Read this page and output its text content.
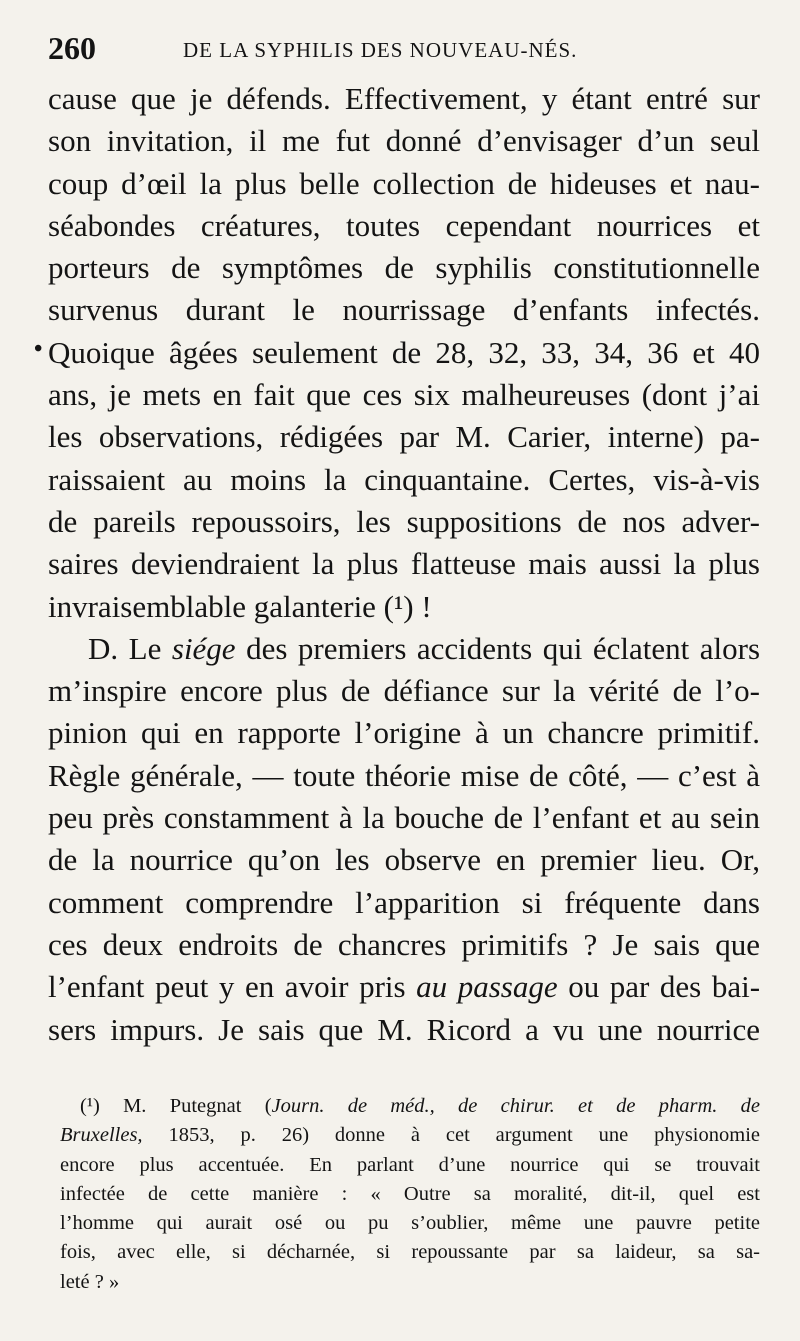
260	DE LA SYPHILIS DES NOUVEAU-NÉS.
•
cause que je défends. Effectivement, y étant entré sur
son invitation, il me fut donné d’envisager d’un seul
coup d’œil la plus belle collection de hideuses et nau-
séabondes créatures, toutes cependant nourrices et
porteurs de symptômes de syphilis constitutionnelle
survenus durant le nourrissage d’enfants infectés.
Quoique âgées seulement de 28, 32, 33, 34, 36 et 40
ans, je mets en fait que ces six malheureuses (dont j’ai
les observations, rédigées par M. Carier, interne) pa-
raissaient au moins la cinquantaine. Certes, vis-à-vis
de pareils repoussoirs, les suppositions de nos adver-
saires deviendraient la plus flatteuse mais aussi la plus
invraisemblable galanterie (¹) !
D. Le siége des premiers accidents qui éclatent alors
m’inspire encore plus de défiance sur la vérité de l’o-
pinion qui en rapporte l’origine à un chancre primitif.
Règle générale, — toute théorie mise de côté, — c’est à
peu près constamment à la bouche de l’enfant et au sein
de la nourrice qu’on les observe en premier lieu. Or,
comment comprendre l’apparition si fréquente dans
ces deux endroits de chancres primitifs ? Je sais que
l’enfant peut y en avoir pris au passage ou par des bai-
sers impurs. Je sais que M. Ricord a vu une nourrice
(¹) M. Putegnat (Journ. de méd., de chirur. et de pharm. de
Bruxelles, 1853, p. 26) donne à cet argument une physionomie
encore plus accentuée. En parlant d’une nourrice qui se trouvait
infectée de cette manière : « Outre sa moralité, dit-il, quel est
l’homme qui aurait osé ou pu s’oublier, même une pauvre petite
fois, avec elle, si décharnée, si repoussante par sa laideur, sa sa-
leté ? »
